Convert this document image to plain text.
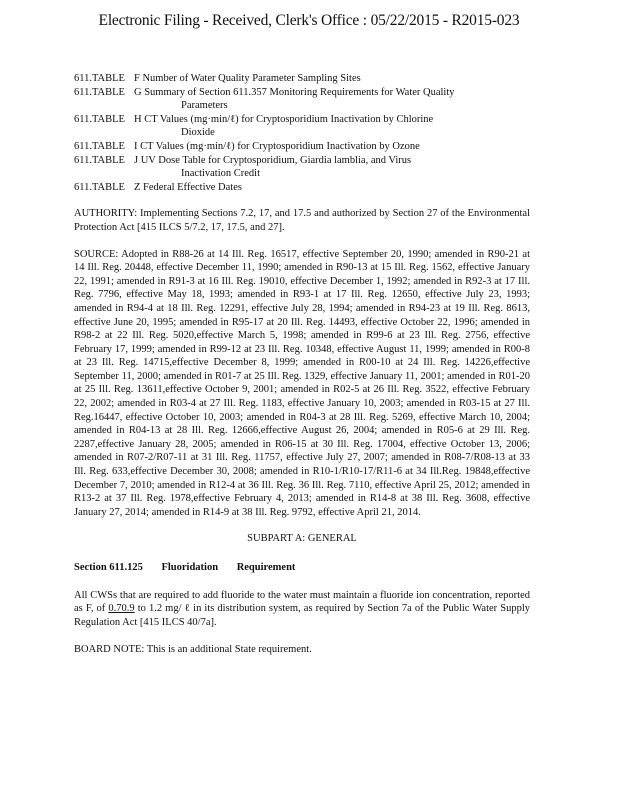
Electronic Filing - Received, Clerk's Office : 05/22/2015 - R2015-023
611.TABLE F Number of Water Quality Parameter Sampling Sites
611.TABLE G Summary of Section 611.357 Monitoring Requirements for Water Quality
Parameters
611.TABLE H CT Values (mg·min/ℓ) for Cryptosporidium Inactivation by Chlorine
Dioxide
611.TABLE I CT Values (mg·min/ℓ) for Cryptosporidium Inactivation by Ozone
611.TABLE J UV Dose Table for Cryptosporidium, Giardia lamblia, and Virus
Inactivation Credit
611.TABLE Z Federal Effective Dates

AUTHORITY: Implementing Sections 7.2, 17, and 17.5 and authorized by Section 27 of the Environmental Protection Act [415 ILCS 5/7.2, 17, 17.5, and 27].

SOURCE: Adopted in R88-26 at 14 Ill. Reg. 16517, effective September 20, 1990; amended in R90-21 at 14 Ill. Reg. 20448, effective December 11, 1990; amended in R90-13 at 15 Ill. Reg. 1562, effective January 22, 1991; amended in R91-3 at 16 Ill. Reg. 19010, effective December 1, 1992; amended in R92-3 at 17 Ill. Reg. 7796, effective May 18, 1993; amended in R93-1 at 17 Ill. Reg. 12650, effective July 23, 1993; amended in R94-4 at 18 Ill. Reg. 12291, effective July 28, 1994; amended in R94-23 at 19 Ill. Reg. 8613, effective June 20, 1995; amended in R95-17 at 20 Ill. Reg. 14493, effective October 22, 1996; amended in R98-2 at 22 Ill. Reg. 5020,effective March 5, 1998; amended in R99-6 at 23 Ill. Reg. 2756, effective February 17, 1999; amended in R99-12 at 23 Ill. Reg. 10348, effective August 11, 1999; amended in R00-8 at 23 Ill. Reg. 14715,effective December 8, 1999; amended in R00-10 at 24 Ill. Reg. 14226,effective September 11, 2000; amended in R01-7 at 25 Ill. Reg. 1329, effective January 11, 2001; amended in R01-20 at 25 Ill. Reg. 13611,effective October 9, 2001; amended in R02-5 at 26 Ill. Reg. 3522, effective February 22, 2002; amended in R03-4 at 27 Ill. Reg. 1183, effective January 10, 2003; amended in R03-15 at 27 Ill. Reg.16447, effective October 10, 2003; amended in R04-3 at 28 Ill. Reg. 5269, effective March 10, 2004; amended in R04-13 at 28 Ill. Reg. 12666,effective August 26, 2004; amended in R05-6 at 29 Ill. Reg. 2287,effective January 28, 2005; amended in R06-15 at 30 Ill. Reg. 17004, effective October 13, 2006; amended in R07-2/R07-11 at 31 Ill. Reg. 11757, effective July 27, 2007; amended in R08-7/R08-13 at 33 Ill. Reg. 633,effective December 30, 2008; amended in R10-1/R10-17/R11-6 at 34 Ill.Reg. 19848,effective December 7, 2010; amended in R12-4 at 36 Ill. Reg. 36 Ill. Reg. 7110, effective April 25, 2012; amended in R13-2 at 37 Ill. Reg. 1978,effective February 4, 2013; amended in R14-8 at 38 Ill. Reg. 3608, effective January 27, 2014; amended in R14-9 at 38 Ill. Reg. 9792, effective April 21, 2014.

SUBPART A: GENERAL
Section 611.125 Fluoridation Requirement

All CWSs that are required to add fluoride to the water must maintain a fluoride ion concentration, reported as F, of 0.70.9 to 1.2 mg/ ℓ in its distribution system, as required by Section 7a of the Public Water Supply Regulation Act [415 ILCS 40/7a].

BOARD NOTE: This is an additional State requirement.
